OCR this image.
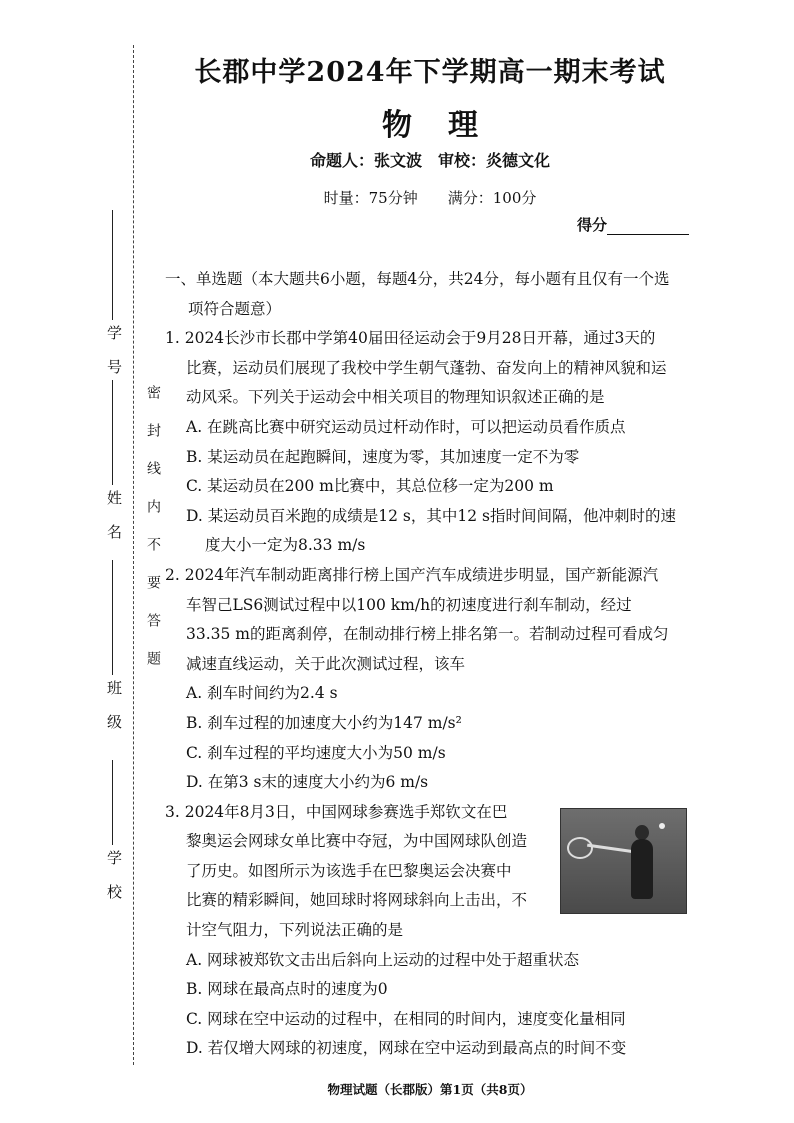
学　号
姓　名
班　级
学　校
密封线内不要答题
长郡中学2024年下学期高一期末考试
物理
命题人：张文波　审校：炎德文化
时量：75分钟　　满分：100分
得分

一、单选题（本大题共6小题，每题4分，共24分，每小题有且仅有一个选

项符合题意）

1. 2024长沙市长郡中学第40届田径运动会于9月28日开幕，通过3天的

比赛，运动员们展现了我校中学生朝气蓬勃、奋发向上的精神风貌和运

动风采。下列关于运动会中相关项目的物理知识叙述正确的是

A. 在跳高比赛中研究运动员过杆动作时，可以把运动员看作质点

B. 某运动员在起跑瞬间，速度为零，其加速度一定不为零

C. 某运动员在200 m比赛中，其总位移一定为200 m

D. 某运动员百米跑的成绩是12 s，其中12 s指时间间隔，他冲刺时的速

度大小一定为8.33 m/s

2. 2024年汽车制动距离排行榜上国产汽车成绩进步明显，国产新能源汽

车智己LS6测试过程中以100 km/h的初速度进行刹车制动，经过

33.35 m的距离刹停，在制动排行榜上排名第一。若制动过程可看成匀

减速直线运动，关于此次测试过程，该车

A. 刹车时间约为2.4 s

B. 刹车过程的加速度大小约为147 m/s²

C. 刹车过程的平均速度大小为50 m/s

D. 在第3 s末的速度大小约为6 m/s

3. 2024年8月3日，中国网球参赛选手郑钦文在巴

黎奥运会网球女单比赛中夺冠，为中国网球队创造

了历史。如图所示为该选手在巴黎奥运会决赛中

比赛的精彩瞬间，她回球时将网球斜向上击出，不

计空气阻力，下列说法正确的是

A. 网球被郑钦文击出后斜向上运动的过程中处于超重状态

B. 网球在最高点时的速度为0

C. 网球在空中运动的过程中，在相同的时间内，速度变化量相同

D. 若仅增大网球的初速度，网球在空中运动到最高点的时间不变

物理试题（长郡版）第1页（共8页）
